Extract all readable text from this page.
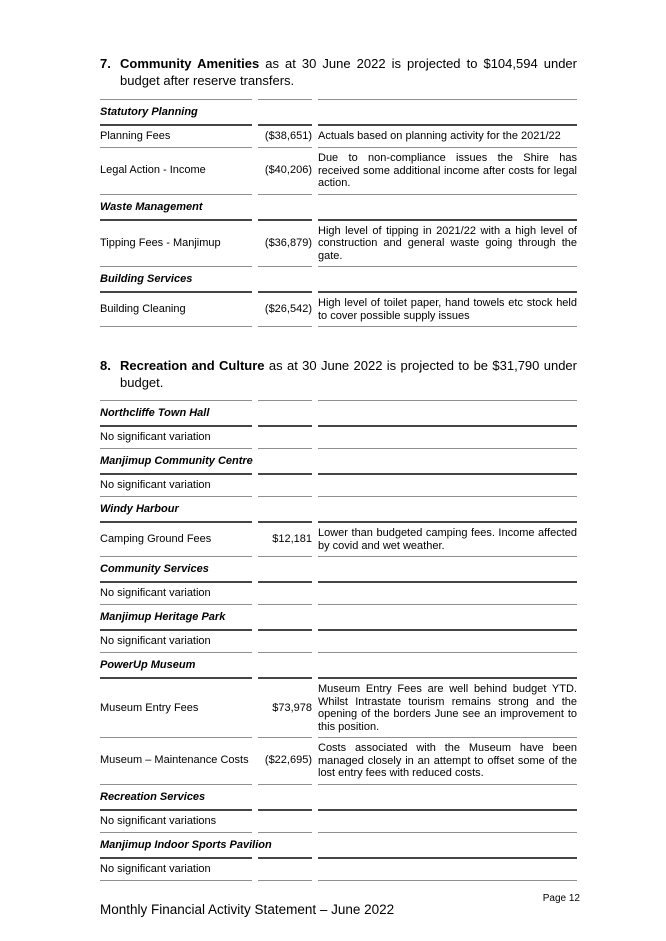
7. Community Amenities as at 30 June 2022 is projected to $104,594 under budget after reserve transfers.

Statutory Planning		
Planning Fees	($38,651)	Actuals based on planning activity for the 2021/22
Legal Action - Income	($40,206)	Due to non-compliance issues the Shire has received some additional income after costs for legal action.
Waste Management		
Tipping Fees - Manjimup	($36,879)	High level of tipping in 2021/22 with a high level of construction and general waste going through the gate.
Building Services		
Building Cleaning	($26,542)	High level of toilet paper, hand towels etc stock held to cover possible supply issues
8. Recreation and Culture as at 30 June 2022 is projected to be $31,790 under budget.

Northcliffe Town Hall		
No significant variation		
Manjimup Community Centre		
No significant variation		
Windy Harbour		
Camping Ground Fees	$12,181	Lower than budgeted camping fees. Income affected by covid and wet weather.
Community Services		
No significant variation		
Manjimup Heritage Park		
No significant variation		
PowerUp Museum		
Museum Entry Fees	$73,978	Museum Entry Fees are well behind budget YTD. Whilst Intrastate tourism remains strong and the opening of the borders June see an improvement to this position.
Museum – Maintenance Costs	($22,695)	Costs associated with the Museum have been managed closely in an attempt to offset some of the lost entry fees with reduced costs.
Recreation Services		
No significant variations		
Manjimup Indoor Sports Pavilion		
No significant variation		
Monthly Financial Activity Statement – June 2022
Page 12
